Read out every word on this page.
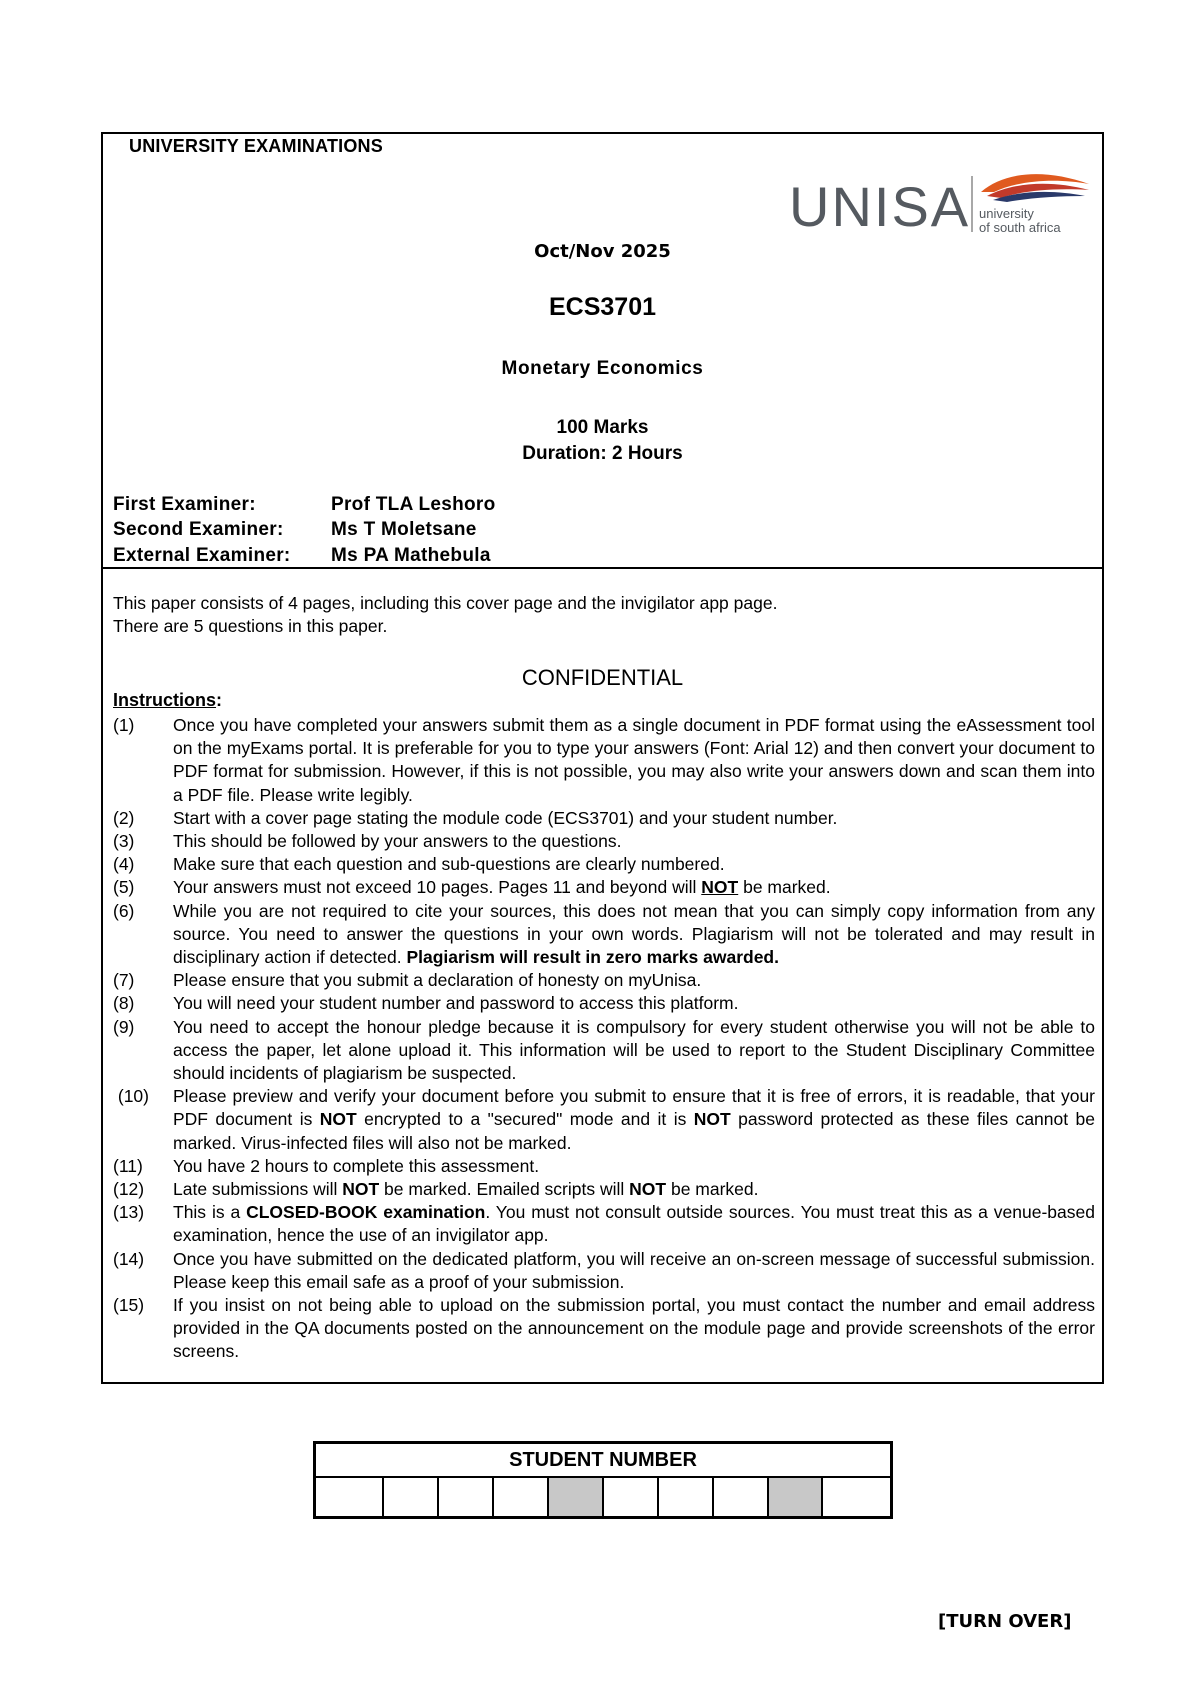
UNIVERSITY EXAMINATIONS
UNISA university
of south africa
Oct/Nov 2025
ECS3701
Monetary Economics
100 Marks
Duration: 2 Hours
First Examiner:	Prof TLA Leshoro
Second Examiner:	Ms T Moletsane
External Examiner:	Ms PA Mathebula
This paper consists of 4 pages, including this cover page and the invigilator app page.
There are 5 questions in this paper.
CONFIDENTIAL
Instructions:
(1)	Once you have completed your answers submit them as a single document in PDF format using the eAssessment tool on the myExams portal. It is preferable for you to type your answers (Font: Arial 12) and then convert your document to PDF format for submission. However, if this is not possible, you may also write your answers down and scan them into a PDF file. Please write legibly.
(2)	Start with a cover page stating the module code (ECS3701) and your student number.
(3)	This should be followed by your answers to the questions.
(4)	Make sure that each question and sub-questions are clearly numbered.
(5)	Your answers must not exceed 10 pages. Pages 11 and beyond will NOT be marked.
(6)	While you are not required to cite your sources, this does not mean that you can simply copy information from any source. You need to answer the questions in your own words. Plagiarism will not be tolerated and may result in disciplinary action if detected. Plagiarism will result in zero marks awarded.
(7)	Please ensure that you submit a declaration of honesty on myUnisa.
(8)	You will need your student number and password to access this platform.
(9)	You need to accept the honour pledge because it is compulsory for every student otherwise you will not be able to access the paper, let alone upload it. This information will be used to report to the Student Disciplinary Committee should incidents of plagiarism be suspected.
(10)	Please preview and verify your document before you submit to ensure that it is free of errors, it is readable, that your PDF document is NOT encrypted to a "secured" mode and it is NOT password protected as these files cannot be marked. Virus-infected files will also not be marked.
(11)	You have 2 hours to complete this assessment.
(12)	Late submissions will NOT be marked. Emailed scripts will NOT be marked.
(13)	This is a CLOSED-BOOK examination. You must not consult outside sources. You must treat this as a venue-based examination, hence the use of an invigilator app.
(14)	Once you have submitted on the dedicated platform, you will receive an on-screen message of successful submission. Please keep this email safe as a proof of your submission.
(15)	If you insist on not being able to upload on the submission portal, you must contact the number and email address provided in the QA documents posted on the announcement on the module page and provide screenshots of the error screens.
STUDENT NUMBER

[TURN OVER]
